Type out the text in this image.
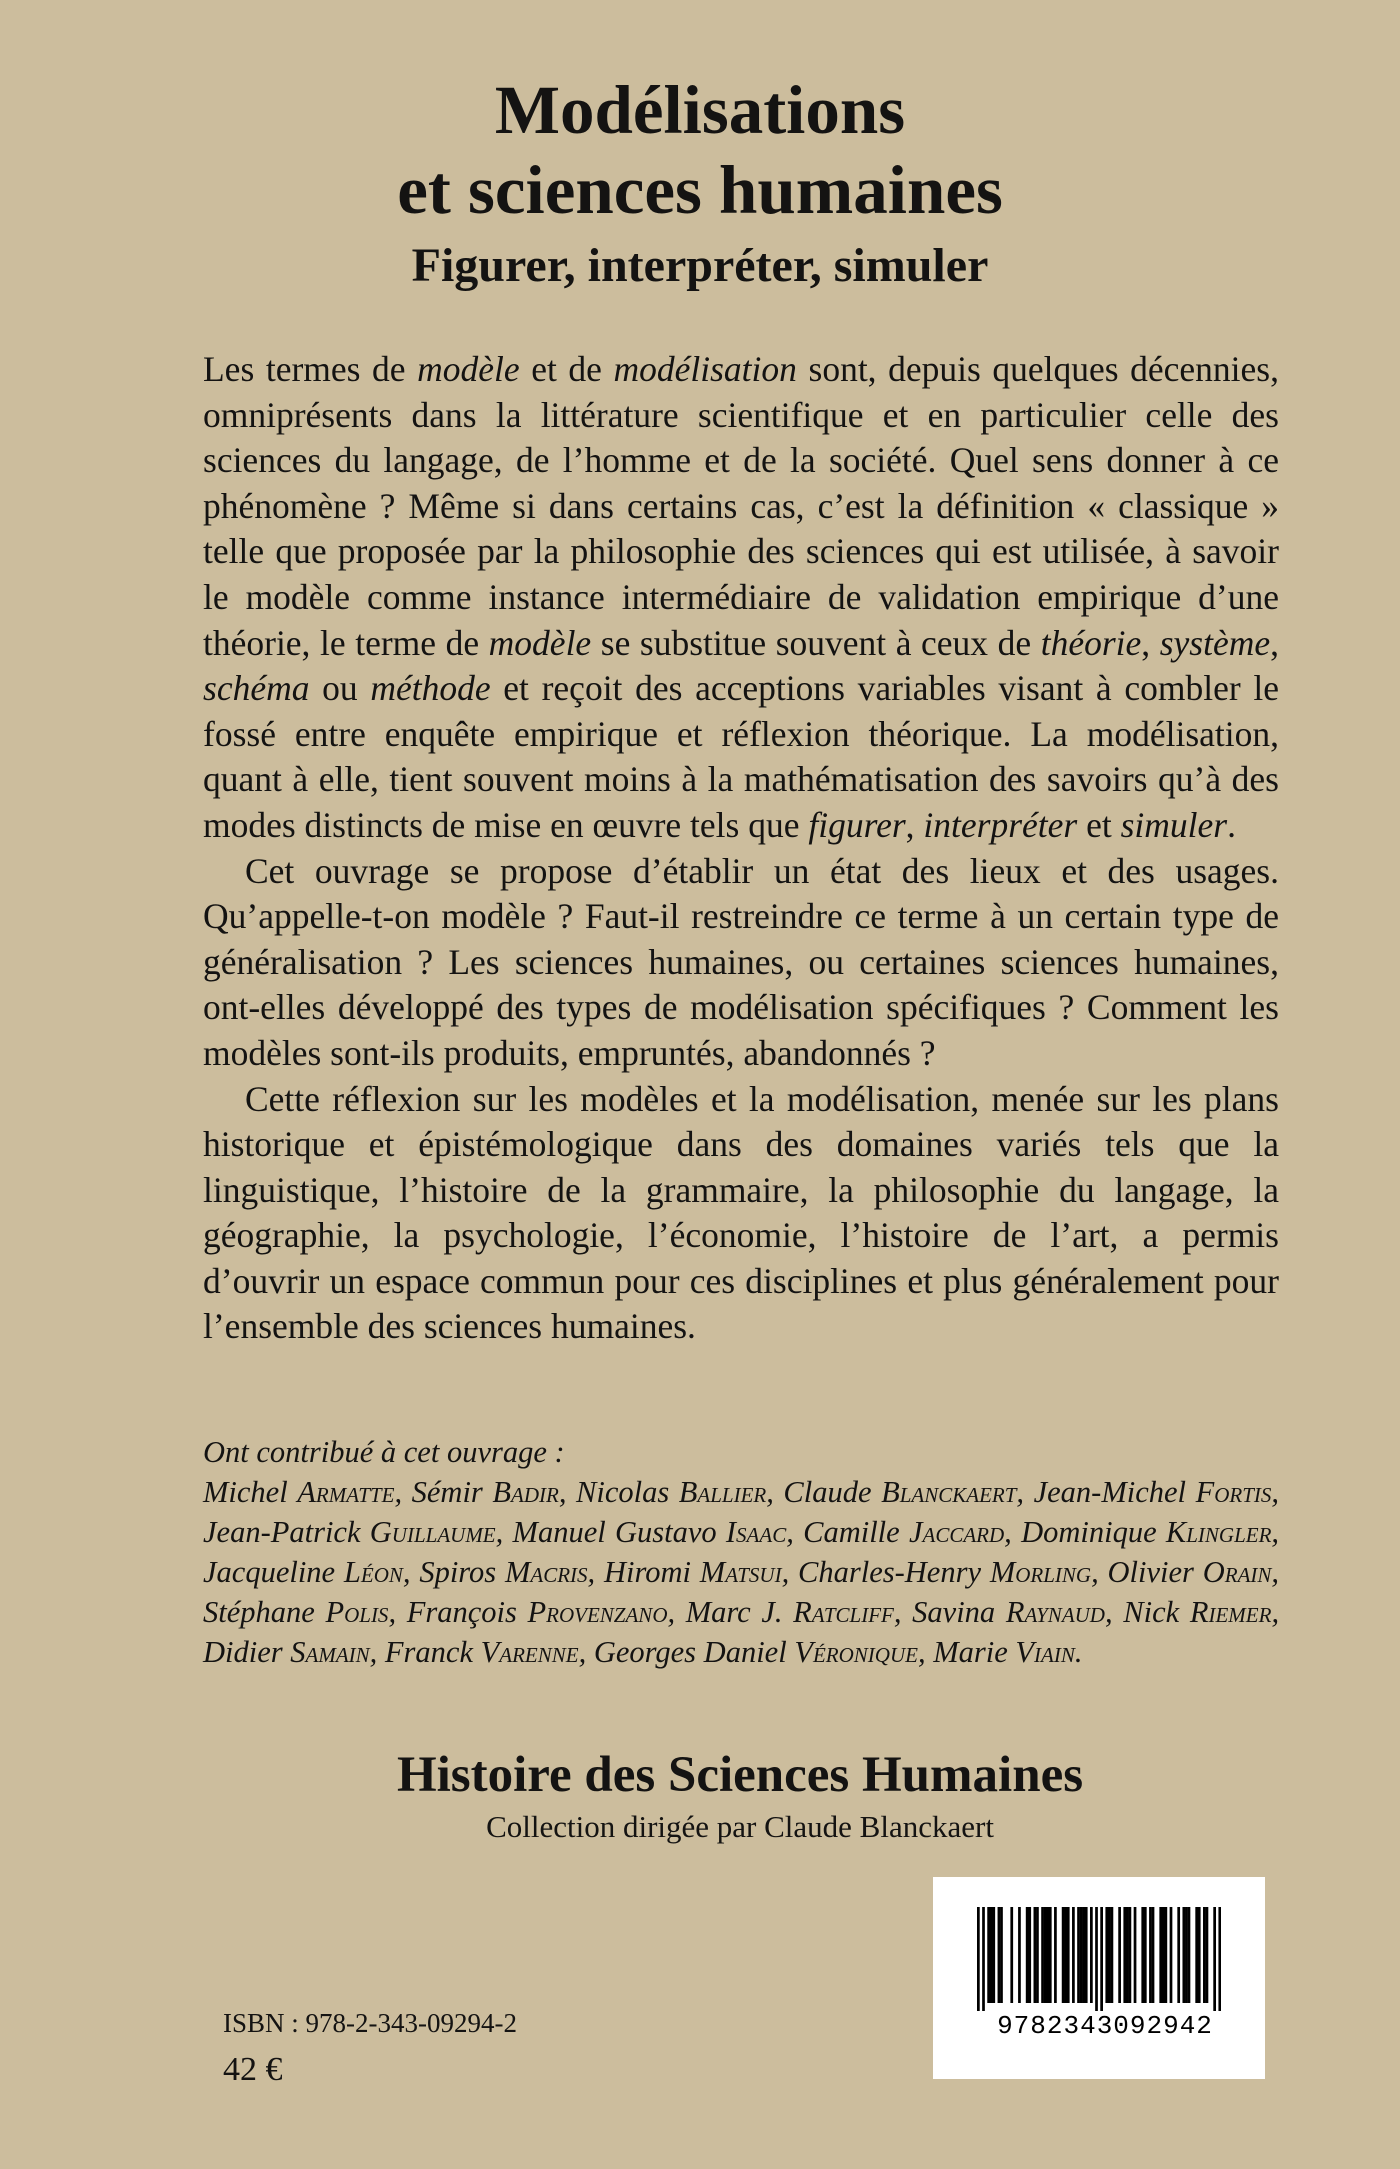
Modélisations
et sciences humaines
Figurer, interpréter, simuler

Les termes de modèle et de modélisation sont, depuis quelques décennies, omniprésents dans la littérature scientifique et en particulier celle des sciences du langage, de l’homme et de la société. Quel sens donner à ce phénomène ? Même si dans certains cas, c’est la définition « classique » telle que proposée par la philosophie des sciences qui est utilisée, à savoir le modèle comme instance intermédiaire de validation empirique d’une théorie, le terme de modèle se substitue souvent à ceux de théorie, système, schéma ou méthode et reçoit des acceptions variables visant à combler le fossé entre enquête empirique et réflexion théorique. La modélisation, quant à elle, tient souvent moins à la mathématisation des savoirs qu’à des modes distincts de mise en œuvre tels que figurer, interpréter et simuler.

Cet ouvrage se propose d’établir un état des lieux et des usages. Qu’appelle-t-on modèle ? Faut-il restreindre ce terme à un certain type de généralisation ? Les sciences humaines, ou certaines sciences humaines, ont-elles développé des types de modélisation spécifiques ? Comment les modèles sont-ils produits, empruntés, abandonnés ?

Cette réflexion sur les modèles et la modélisation, menée sur les plans historique et épistémologique dans des domaines variés tels que la linguistique, l’histoire de la grammaire, la philosophie du langage, la géographie, la psychologie, l’économie, l’histoire de l’art, a permis d’ouvrir un espace commun pour ces disciplines et plus généralement pour l’ensemble des sciences humaines.

Ont contribué à cet ouvrage :

Michel Armatte, Sémir Badir, Nicolas Ballier, Claude Blanckaert, Jean-Michel Fortis, Jean-Patrick Guillaume, Manuel Gustavo Isaac, Camille Jaccard, Dominique Klingler, Jacqueline Léon, Spiros Macris, Hiromi Matsui, Charles-Henry Morling, Olivier Orain, Stéphane Polis, François Provenzano, Marc J. Ratcliff, Savina Raynaud, Nick Riemer, Didier Samain, Franck Varenne, Georges Daniel Véronique, Marie Viain.

Histoire des Sciences Humaines
Collection dirigée par Claude Blanckaert
9782343092942
ISBN : 978-2-343-09294-2
42 €
